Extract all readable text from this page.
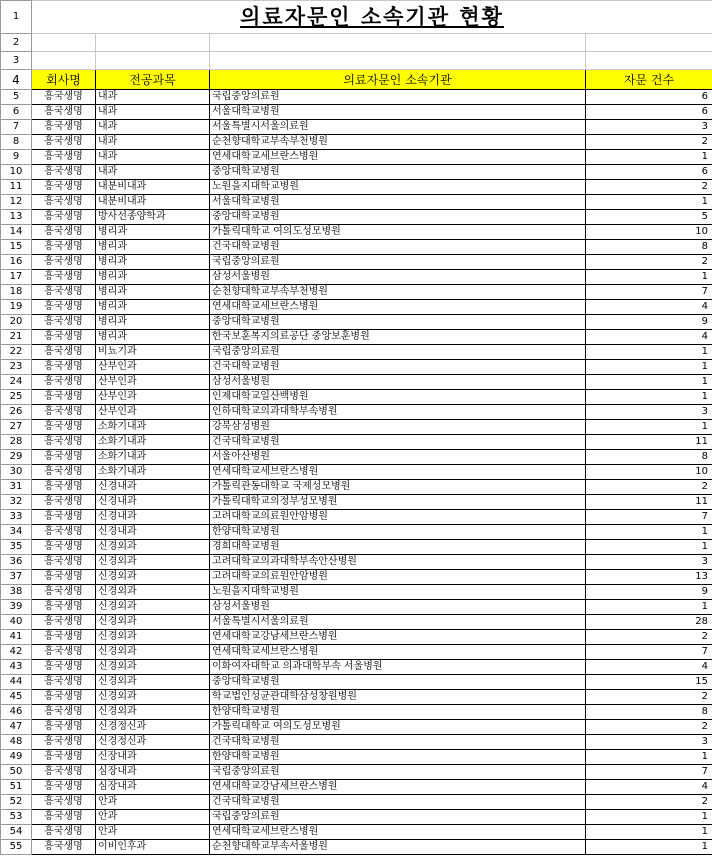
1	의료자문인 소속기관 현황			
2				
3				
4	회사명	전공과목	의료자문인 소속기관	자문 건수
5	흥국생명	내과	국립중앙의료원	6
6	흥국생명	내과	서울대학교병원	6
7	흥국생명	내과	서울특별시서울의료원	3
8	흥국생명	내과	순천향대학교부속부천병원	2
9	흥국생명	내과	연세대학교세브란스병원	1
10	흥국생명	내과	중앙대학교병원	6
11	흥국생명	내분비내과	노원을지대학교병원	2
12	흥국생명	내분비내과	서울대학교병원	1
13	흥국생명	방사선종양학과	중앙대학교병원	5
14	흥국생명	병리과	가톨릭대학교 여의도성모병원	10
15	흥국생명	병리과	건국대학교병원	8
16	흥국생명	병리과	국립중앙의료원	2
17	흥국생명	병리과	삼성서울병원	1
18	흥국생명	병리과	순천향대학교부속부천병원	7
19	흥국생명	병리과	연세대학교세브란스병원	4
20	흥국생명	병리과	중앙대학교병원	9
21	흥국생명	병리과	한국보훈복지의료공단 중앙보훈병원	4
22	흥국생명	비뇨기과	국립중앙의료원	1
23	흥국생명	산부인과	건국대학교병원	1
24	흥국생명	산부인과	삼성서울병원	1
25	흥국생명	산부인과	인제대학교일산백병원	1
26	흥국생명	산부인과	인하대학교의과대학부속병원	3
27	흥국생명	소화기내과	강북삼성병원	1
28	흥국생명	소화기내과	건국대학교병원	11
29	흥국생명	소화기내과	서울아산병원	8
30	흥국생명	소화기내과	연세대학교세브란스병원	10
31	흥국생명	신경내과	가톨릭관동대학교 국제성모병원	2
32	흥국생명	신경내과	가톨릭대학교의정부성모병원	11
33	흥국생명	신경내과	고려대학교의료원안암병원	7
34	흥국생명	신경내과	한양대학교병원	1
35	흥국생명	신경외과	경희대학교병원	1
36	흥국생명	신경외과	고려대학교의과대학부속안산병원	3
37	흥국생명	신경외과	고려대학교의료원안암병원	13
38	흥국생명	신경외과	노원을지대학교병원	9
39	흥국생명	신경외과	삼성서울병원	1
40	흥국생명	신경외과	서울특별시서울의료원	28
41	흥국생명	신경외과	연세대학교강남세브란스병원	2
42	흥국생명	신경외과	연세대학교세브란스병원	7
43	흥국생명	신경외과	이화여자대학교 의과대학부속 서울병원	4
44	흥국생명	신경외과	중앙대학교병원	15
45	흥국생명	신경외과	학교법인성균관대학삼성창원병원	2
46	흥국생명	신경외과	한양대학교병원	8
47	흥국생명	신경정신과	가톨릭대학교 여의도성모병원	2
48	흥국생명	신경정신과	건국대학교병원	3
49	흥국생명	신장내과	한양대학교병원	1
50	흥국생명	심장내과	국립중앙의료원	7
51	흥국생명	심장내과	연세대학교강남세브란스병원	4
52	흥국생명	안과	건국대학교병원	2
53	흥국생명	안과	국립중앙의료원	1
54	흥국생명	안과	연세대학교세브란스병원	1
55	흥국생명	이비인후과	순천향대학교부속서울병원	1
